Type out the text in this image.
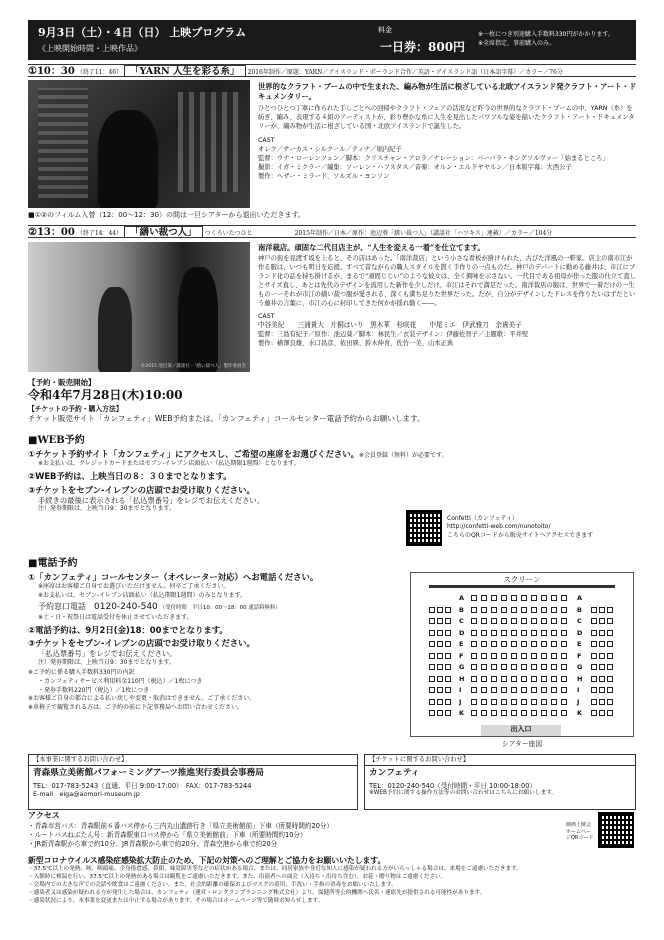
9月3日（土）・4日（日） 上映プログラム
《上映開始時間・上映作品》
料金
一日券：800円
※一枚につき別途購入手数料330円がかかります。
※全席指定、事前購入のみ。
①10：30 （終了11：46） 「YARN 人生を彩る糸」 2016年制作／原題：YARN／アイスランド・ポーランド合作／英語・アイスランド語（日本語字幕）／カラー／76分
世界的なクラフト・ブームの中で生まれた、編み物が生活に根ざしている北欧アイスランド発クラフト・アート・ドキュメンタリー。
ひとつひとつ丁寧に作られた手しごとへの回帰やクラフト・フェアの活況など昨今の世界的なクラフト・ブームの中、YARN（糸）を紡ぎ、編み、表現する４組のアーティストが、彩り豊かな糸に人生を見出したパワフルな姿を描いたクラフト・アート・ドキュメンタリーが、編み物が生活に根ざしている国・北欧アイスランドで誕生した。
CAST
オレク／サーカス・シルクール／ティナ／堀内紀子
監督：ウナ・ローレンツェン／脚本：クリスチャン・アロラ／ナレーション：バーバラ・キングソルヴァー「始まるところ」
撮影：イガ・ミクラー／編集：ソーレン・ハフスタス／音楽：オルン・エルドヤヤルン／日本版字幕：大西公子
製作：ヘザー・ミラード、ソルズル・ヨンソン
■①②のフィルム入替（12：00〜12：30）の間は一旦シアターから退出いただきます。
②13：00 （終了14：44） 「繕い裁つ人」 つくろいたつひと	2015年制作／日本／原作：池辺葵「繕い裁つ人」（講談社「ハツキス」連載）／カラー／104分
©2015 池辺葵／講談社・「繕い裁つ人」製作委員会
南洋裁店。頑固な二代目店主が、“人生を変える一着”を仕立てます。
神戸の街を見渡す坂を上ると、その店はあった。「南洋裁店」という小さな看板が掛けられた、古びた洋風の一軒家。店主の南市江が作る服は、いつも明日を応援。すべて昔ながらの職人スタイルを貫く手作りの一点ものだ。神戸のデパートに勤める藤井は、市江にブランド化の話を持ち掛けるが、まるで“頑固じじい”のような彼女は、全く興味を示さない。一代目である祖母が作った服の仕立て直しとサイズ直し、あとは先代のデザインを流用した新作を少しだけ。市江はそれで満足だった。南洋裁店の服は、世界で一着だけの一生ものーーそれが市江の繕い裁つ服が愛される、深くも満ち足りた世界だった。だが、自分がデザインしたドレスを作りたいはずだという藤井の言葉に、市江の心に封印してきた何かが揺れ動く――。
CAST
中谷美紀　　三浦貴大　片桐はいり　黒木華　杉咲花　　中尾ミエ　伊武雅刀　余貴美子
監督：三島有紀子／原作：池辺葵／脚本：林民生／衣装デザイン：伊藤佐智子／主題歌：平井堅
製作：横澤良雄、水口昌彦、依田巽、鈴木伸育、佐竹一美、山本正典
【予約・販売開始】
令和4年7月28日(木)10:00
【チケットの予約・購入方法】
チケット販売サイト「カンフェティ」WEB予約または、「カンフェティ」コールセンター電話予約からお願いします。
■WEB予約
①チケット予約サイト「カンフェティ」にアクセスし、ご希望の座席をお選びください。※会員登録（無料）が必要です。
※お支払いは、クレジットカードまたはセブン-イレブン店頭払い（払込期限1週間）となります。
②WEB予約は、上映当日の８：３０までとなります。
③チケットをセブン-イレブンの店頭でお受け取りください。
手続きの最後に表示される「払込票番号」をレジでお伝えください。
注）発券期限は、上映当日9：30までとなります。
Confetti（カンフェティ）
http://confetti-web.com/nunotoito/
こちらのQRコードから販売サイトへアクセスできます
■電話予約
①「カンフェティ」コールセンター（オペレーター対応）へお電話ください。
※座席はお客様ご自身でお選びいただけません。何卒ご了承ください。
※お支払いは、セブン-イレブン店頭払い（払込期限1週間）のみとなります。
予約窓口電話 0120-240-540 （受付時間　平日10：00〜18：00 通話料無料）
※土・日・祝祭日は電話受付を休止させていただきます。
②電話予約は、9月2日(金)18：00までとなります。
③チケットをセブン-イレブンの店頭でお受け取りください。
「払込票番号」をレジでお伝えください。
注）発券期限は、上映当日9：30までとなります。
※ご予約に係る購入手数料330円の内訳
・カンフェティサービス利用料金110円（税込）／1枚につき
・発券手数料220円（税込）／1枚につき
※お客様ご自身の都合による払い戻しや変更・取消はできません。ご了承ください。
※車椅子で観覧される方は、ご予約の前に下記事務局へお問い合わせください。
スクリーン
A	A
B	B
C	C
D	D
E	E
F	F
G	G
H	H
I	I
J	J
K	K
出入口
シアター座図
【本事業に関するお問い合わせ】
青森県立美術館パフォーミングアーツ推進実行委員会事務局
TEL：017-783-5243（直通、平日 9:00-17:00）　FAX：017-783-5244
E-mail　eiga@aomori-museum.jp
【チケットに関するお問い合わせ】
カンフェティ
TEL：0120-240-540（受付時間・平日 10:00-18:00）
※WEB予約に関する操作方法等のお問い合わせはこちらにお願いします。
アクセス
・青森市営バス：青森駅前６番バス停から三内丸山遺跡行き「県立美術館前」下車（所要時間約20分）
・ルートバスねぶたん号：新青森駅東口バス停から「県立美術館前」下車（所要時間約10分）
・JR新青森駅から車で約10分、JR青森駅から車で約20分、青森空港から車で約20分
映画上映会ホームページQRコード
新型コロナウイルス感染症感染拡大防止のため、下記の対策へのご理解とご協力をお願いいたします。
・37.5℃以上の発熱、咳、咽頭痛、全身倦怠感、鼻閉、味覚障害等などの症状がある場合、または、同居家族や身近な知人に感染が疑われる方がいらっしゃる場合は、来場をご遠慮いただきます。
・入館時に検温を行い、37.5℃以上の発熱がある場合は観覧をご遠慮いただきます。また、出演者への面会（入待ち・出待ち含む）、お花・贈り物はご遠慮ください。
・会場内での大きな声での会話や飲食はご遠慮ください。また、社会的距離の確保およびマスクの着用、手洗い・手指の消毒をお願いいたします。
・感染者又は感染が疑われる方が発生した場合は、カンフェティ（運営・ロングランプランニング株式会社）より、保健所等公的機関へ氏名・連絡先が提供される可能性があります。
・感染状況により、本事業を変更または中止する場合があります。その場合はホームページ等で随時お知らせします。
